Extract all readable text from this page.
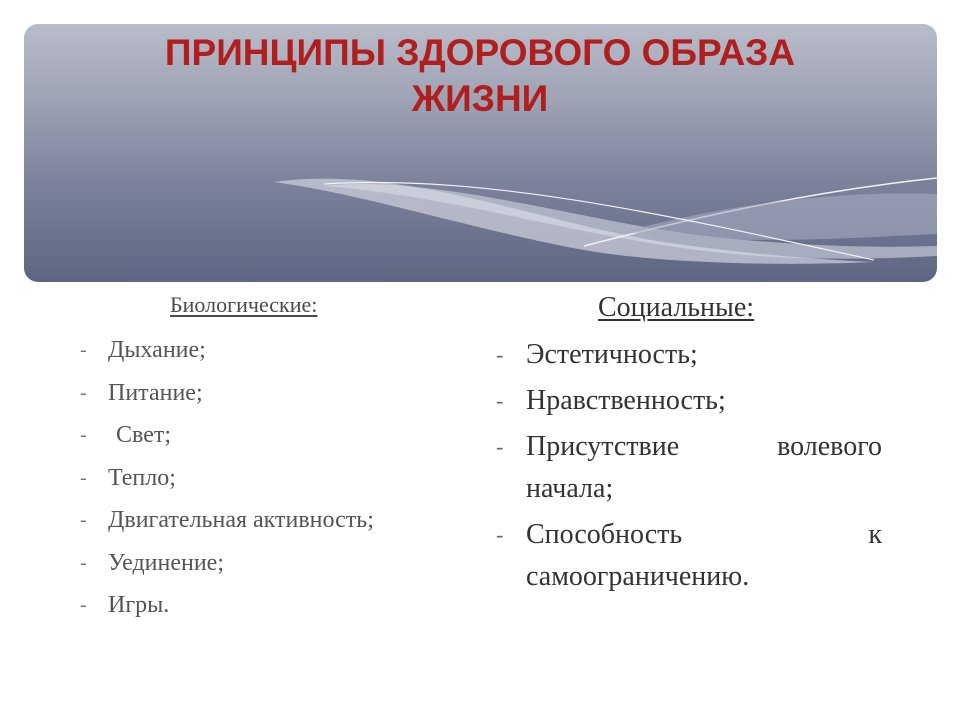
ПРИНЦИПЫ ЗДОРОВОГО ОБРАЗА
ЖИЗНИ
Биологические:
- Дыхание;
- Питание;
-	Свет;
- Тепло;
- Двигательная активность;
- Уединение;
- Игры.
Социальные:
- Эстетичность;
- Нравственность;
- Присутствие	волевого
начала;
- Способность	к
самоограничению.
